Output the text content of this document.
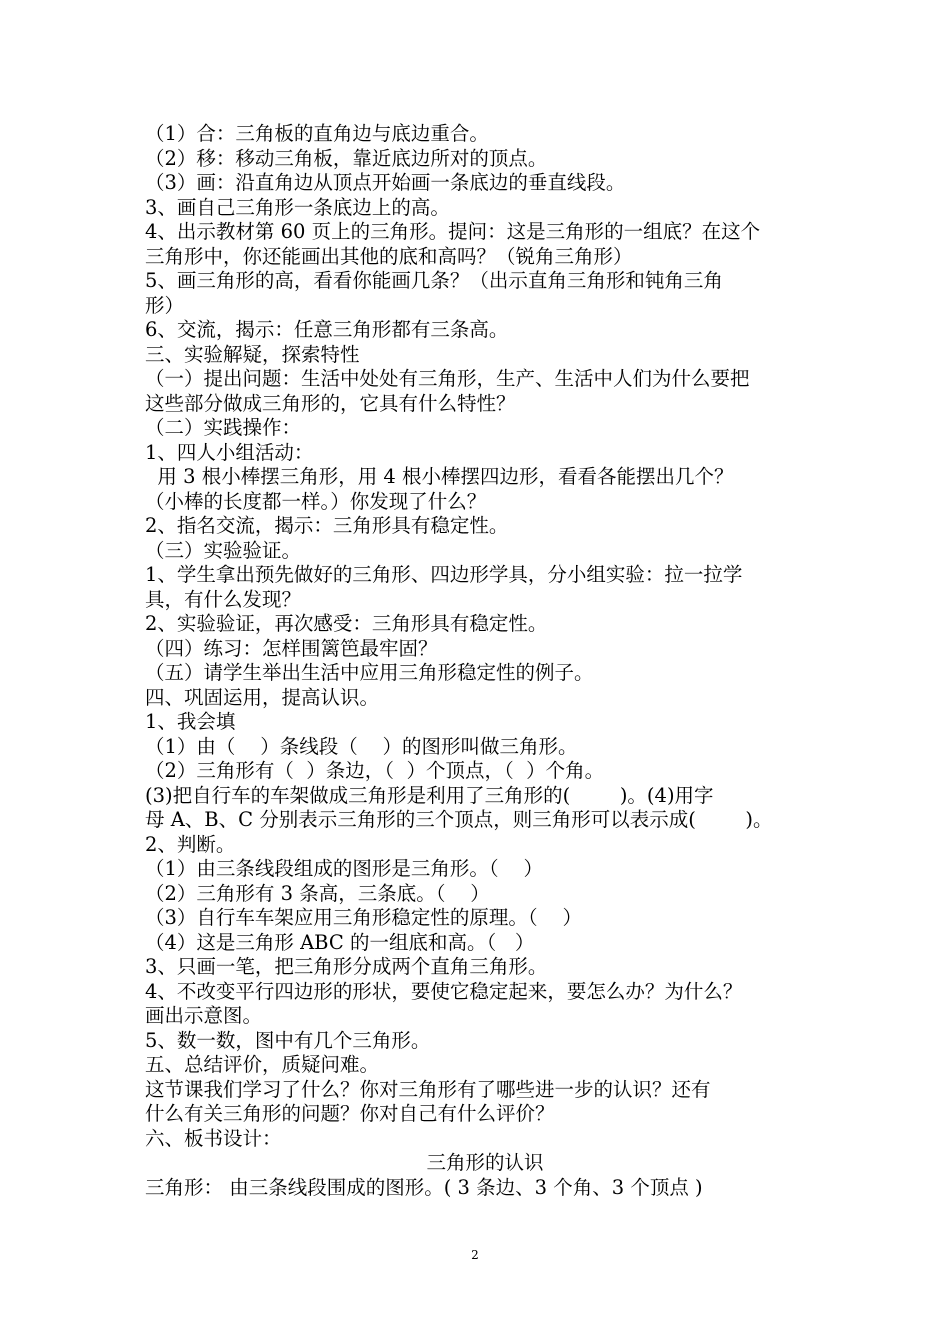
（1）合：三角板的直角边与底边重合。
（2）移：移动三角板，靠近底边所对的顶点。
（3）画：沿直角边从顶点开始画一条底边的垂直线段。
3、画自己三角形一条底边上的高。
4、出示教材第 60 页上的三角形。提问：这是三角形的一组底？在这个
三角形中，你还能画出其他的底和高吗？（锐角三角形）
5、画三角形的高，看看你能画几条？（出示直角三角形和钝角三角
形）
6、交流，揭示：任意三角形都有三条高。
三、实验解疑，探索特性
（一）提出问题：生活中处处有三角形，生产、生活中人们为什么要把
这些部分做成三角形的，它具有什么特性？
（二）实践操作：
1、四人小组活动：
用 3 根小棒摆三角形，用 4 根小棒摆四边形，看看各能摆出几个？
（小棒的长度都一样。）你发现了什么？
2、指名交流，揭示：三角形具有稳定性。
（三）实验验证。
1、学生拿出预先做好的三角形、四边形学具，分小组实验：拉一拉学
具，有什么发现？
2、实验验证，再次感受：三角形具有稳定性。
（四）练习：怎样围篱笆最牢固？
（五）请学生举出生活中应用三角形稳定性的例子。
四、巩固运用，提高认识。
1、我会填
（1）由（    ）条线段（    ）的图形叫做三角形。
（2）三角形有（  ）条边，（  ）个顶点，（  ）个角。
(3)把自行车的车架做成三角形是利用了三角形的(        )。(4)用字
母 A、B、C 分别表示三角形的三个顶点，则三角形可以表示成(        )。
2、判断。
（1）由三条线段组成的图形是三角形。（    ）
（2）三角形有 3 条高，三条底。（    ）
（3）自行车车架应用三角形稳定性的原理。（    ）
（4）这是三角形 ABC 的一组底和高。（   ）
3、只画一笔，把三角形分成两个直角三角形。
4、不改变平行四边形的形状，要使它稳定起来，要怎么办？为什么？
画出示意图。
5、数一数，图中有几个三角形。
五、总结评价，质疑问难。
这节课我们学习了什么？你对三角形有了哪些进一步的认识？还有
什么有关三角形的问题？你对自己有什么评价？
六、板书设计：
三角形的认识
三角形： 由三条线段围成的图形。( 3 条边、3 个角、3 个顶点 )
2
